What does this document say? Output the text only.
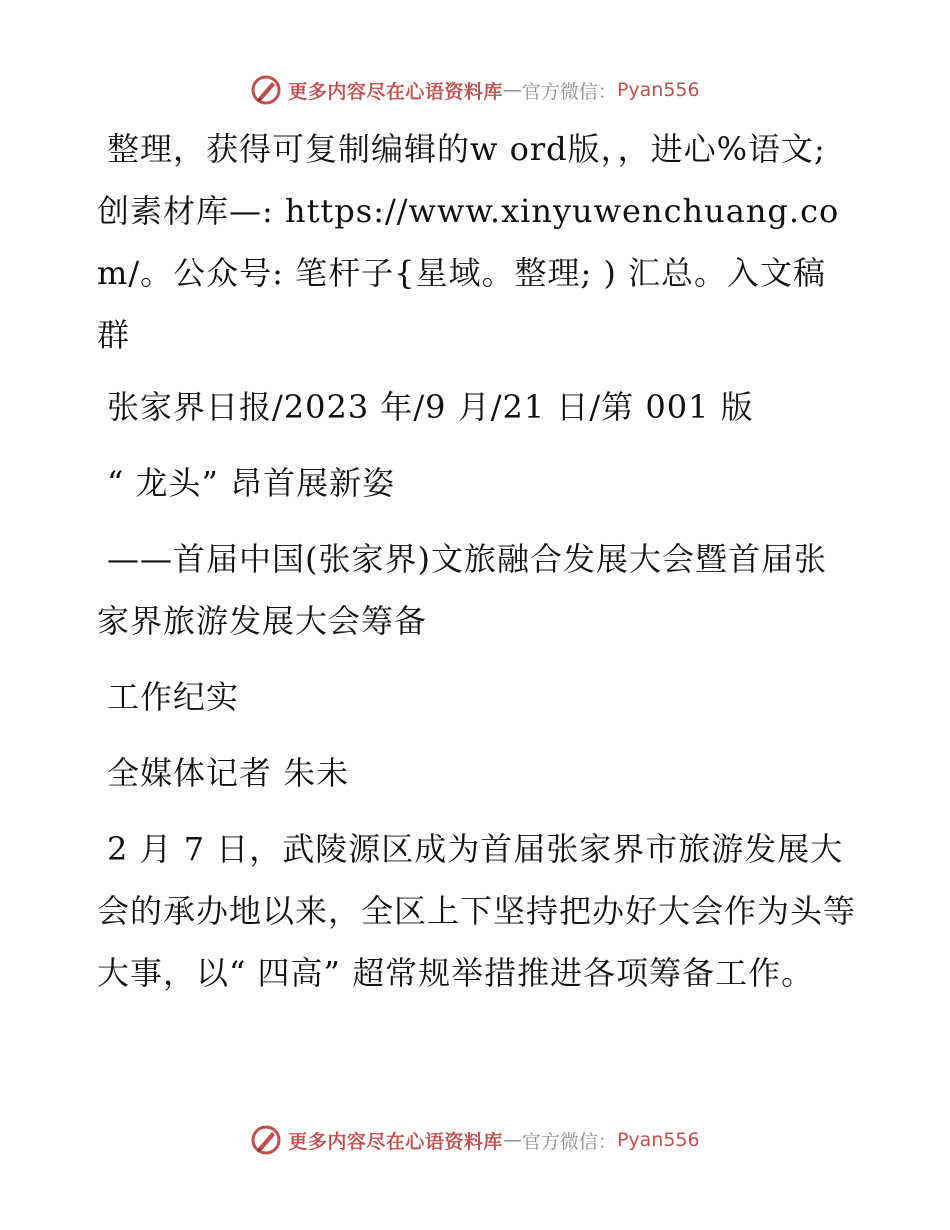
更多内容尽在心语资料库 — 官方微信： Pyan556

整理，获得可复制编辑的w ord版，，进心%语文;创素材库—: https://www.xinyuwenchuang.com/。公众号: 笔杆子{星域。整理; ) 汇总。入文稿群

张家界日报/2023 年/9 月/21 日/第 001 版

“ 龙头” 昂首展新姿

——首届中国(张家界)文旅融合发展大会暨首届张家界旅游发展大会筹备

工作纪实

全媒体记者 朱未

2 月 7 日，武陵源区成为首届张家界市旅游发展大会的承办地以来，全区上下坚持把办好大会作为头等大事，以“ 四高” 超常规举措推进各项筹备工作。

更多内容尽在心语资料库 — 官方微信： Pyan556
